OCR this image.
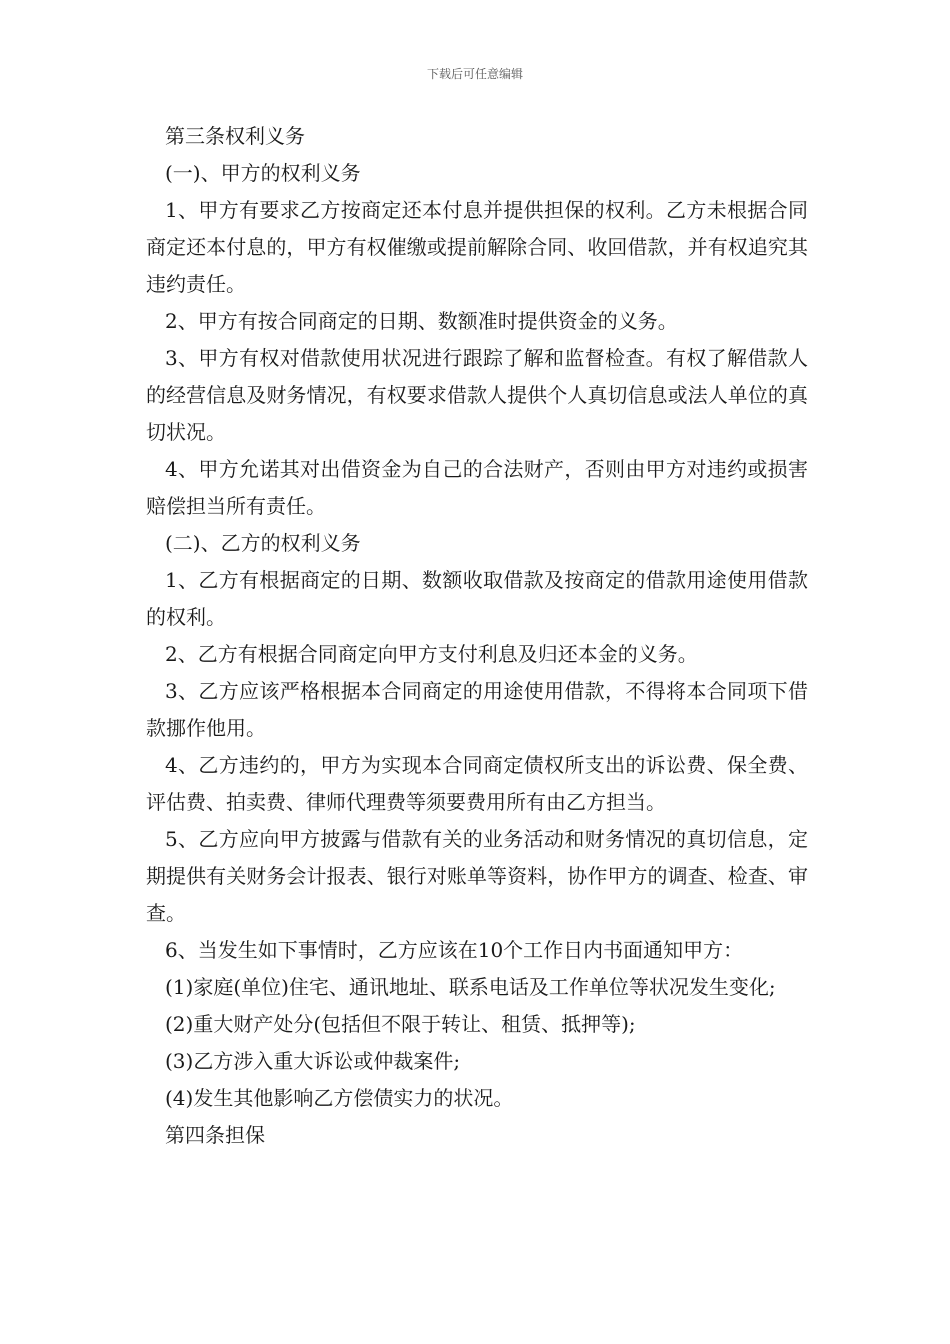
下载后可任意编辑

第三条权利义务

(一)、甲方的权利义务

1、甲方有要求乙方按商定还本付息并提供担保的权利。乙方未根据合同商定还本付息的，甲方有权催缴或提前解除合同、收回借款，并有权追究其违约责任。

2、甲方有按合同商定的日期、数额准时提供资金的义务。

3、甲方有权对借款使用状况进行跟踪了解和监督检查。有权了解借款人的经营信息及财务情况，有权要求借款人提供个人真切信息或法人单位的真切状况。

4、甲方允诺其对出借资金为自己的合法财产，否则由甲方对违约或损害赔偿担当所有责任。

(二)、乙方的权利义务

1、乙方有根据商定的日期、数额收取借款及按商定的借款用途使用借款的权利。

2、乙方有根据合同商定向甲方支付利息及归还本金的义务。

3、乙方应该严格根据本合同商定的用途使用借款，不得将本合同项下借款挪作他用。

4、乙方违约的，甲方为实现本合同商定债权所支出的诉讼费、保全费、评估费、拍卖费、律师代理费等须要费用所有由乙方担当。

5、乙方应向甲方披露与借款有关的业务活动和财务情况的真切信息，定期提供有关财务会计报表、银行对账单等资料，协作甲方的调查、检查、审查。

6、当发生如下事情时，乙方应该在10个工作日内书面通知甲方：

(1)家庭(单位)住宅、通讯地址、联系电话及工作单位等状况发生变化;

(2)重大财产处分(包括但不限于转让、租赁、抵押等);

(3)乙方涉入重大诉讼或仲裁案件;

(4)发生其他影响乙方偿债实力的状况。

第四条担保
